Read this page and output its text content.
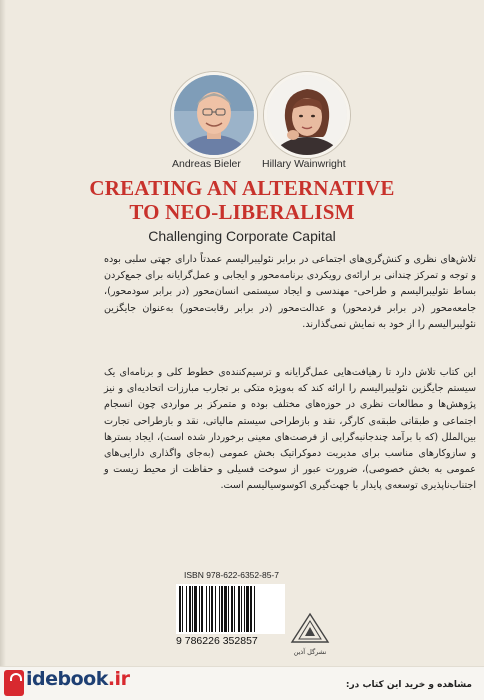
Andreas Bieler Hillary Wainwright
CREATING AN ALTERNATIVE
TO NEO-LIBERALISM
Challenging Corporate Capital

تلاش‌های نظری و کنش‌گری‌های اجتماعی در برابر نئولیبرالیسم عمدتاً دارای جهتی سلبی بوده و توجه و تمرکز چندانی بر ارائه‌ی رویکردی برنامه‌محور و ایجابی و عمل‌گرایانه برای جمع‌کردن بساط نئولیبرالیسم و طراحی- مهندسی و ایجاد سیستمی انسان‌محور (در برابر سودمحور)، جامعه‌محور (در برابر فردمحور) و عدالت‌محور (در برابر رقابت‌محور) به‌عنوان جایگزین نئولیبرالیسم را از خود به نمایش نمی‌گذارند.

این کتاب تلاش دارد تا رهیافت‌هایی عمل‌گرایانه و ترسیم‌کننده‌ی خطوط کلی و برنامه‌ای یک سیستم جایگزین نئولیبرالیسم را ارائه کند که به‌ویژه متکی بر تجارب مبارزات اتحادیه‌ای و نیز پژوهش‌ها و مطالعات نظری در حوزه‌های مختلف بوده و متمرکز بر مواردی چون انسجام اجتماعی و طبقاتی طبقه‌ی کارگر، نقد و بازطراحی سیستم مالیاتی، نقد و بازطراحی تجارت بین‌الملل (که با برآمد چندجانبه‌گرایی از فرصت‌های معینی برخوردار شده است)، ایجاد بسترها و سازوکارهای مناسب برای مدیریت دموکراتیک بخش عمومی (به‌جای واگذاری دارایی‌های عمومی به بخش خصوصی)، ضرورت عبور از سوخت فسیلی و حفاظت از محیط زیست و اجتناب‌ناپذیری توسعه‌ی پایدار با جهت‌گیری اکوسوسیالیسم است.

ISBN 978-622-6352-85-7
9 786226 352857
نشرگل آذین
idebook.ir	مشاهده و خرید این کتاب در:
